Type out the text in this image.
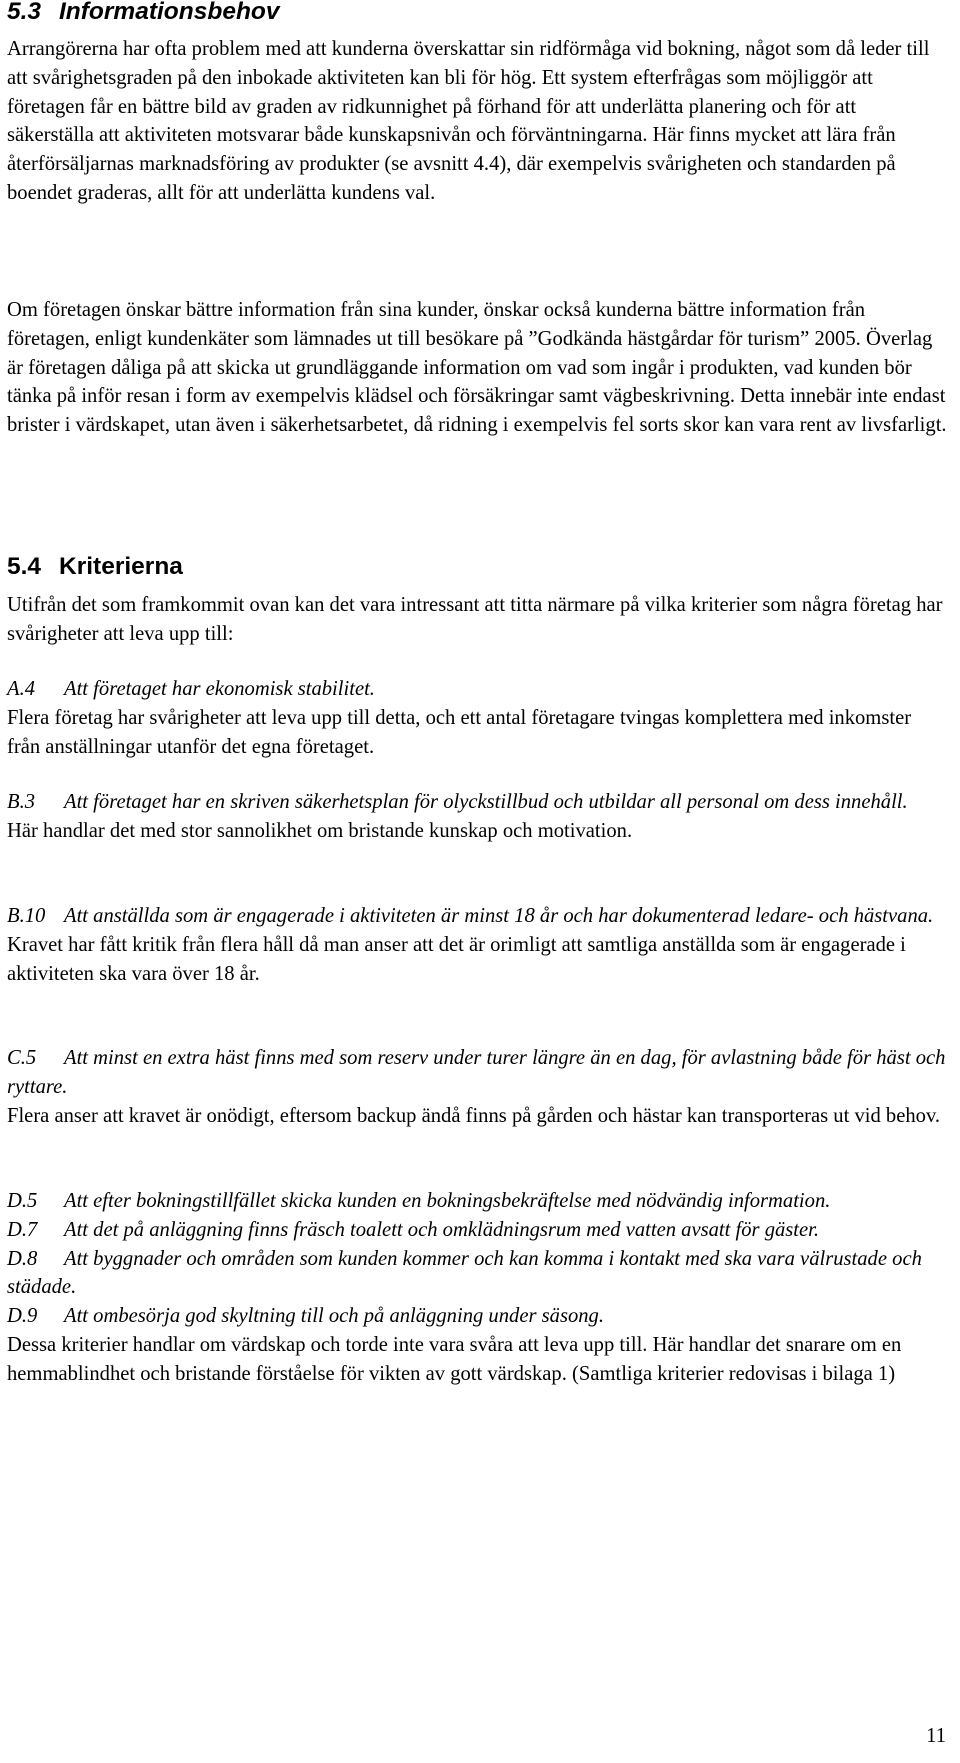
5.3 Informationsbehov

Arrangörerna har ofta problem med att kunderna överskattar sin ridförmåga vid bokning, något som då leder till att svårighetsgraden på den inbokade aktiviteten kan bli för hög. Ett system efterfrågas som möjliggör att företagen får en bättre bild av graden av ridkunnighet på förhand för att underlätta planering och för att säkerställa att aktiviteten motsvarar både kunskapsnivån och förväntningarna. Här finns mycket att lära från återförsäljarnas marknadsföring av produkter (se avsnitt 4.4), där exempelvis svårigheten och standarden på boendet graderas, allt för att underlätta kundens val.

Om företagen önskar bättre information från sina kunder, önskar också kunderna bättre information från företagen, enligt kundenkäter som lämnades ut till besökare på ”Godkända hästgårdar för turism” 2005. Överlag är företagen dåliga på att skicka ut grundläggande information om vad som ingår i produkten, vad kunden bör tänka på inför resan i form av exempelvis klädsel och försäkringar samt vägbeskrivning. Detta innebär inte endast brister i värdskapet, utan även i säkerhetsarbetet, då ridning i exempelvis fel sorts skor kan vara rent av livsfarligt.

5.4 Kriterierna

Utifrån det som framkommit ovan kan det vara intressant att titta närmare på vilka kriterier som några företag har svårigheter att leva upp till:

A.4 Att företaget har ekonomisk stabilitet.

Flera företag har svårigheter att leva upp till detta, och ett antal företagare tvingas komplettera med inkomster från anställningar utanför det egna företaget.

B.3 Att företaget har en skriven säkerhetsplan för olyckstillbud och utbildar all personal om dess innehåll.

Här handlar det med stor sannolikhet om bristande kunskap och motivation.

B.10 Att anställda som är engagerade i aktiviteten är minst 18 år och har dokumenterad ledare- och hästvana.

Kravet har fått kritik från flera håll då man anser att det är orimligt att samtliga anställda som är engagerade i aktiviteten ska vara över 18 år.

C.5 Att minst en extra häst finns med som reserv under turer längre än en dag, för avlastning både för häst och ryttare.

Flera anser att kravet är onödigt, eftersom backup ändå finns på gården och hästar kan transporteras ut vid behov.

D.5 Att efter bokningstillfället skicka kunden en bokningsbekräftelse med nödvändig information.

D.7 Att det på anläggning finns fräsch toalett och omklädningsrum med vatten avsatt för gäster.

D.8 Att byggnader och områden som kunden kommer och kan komma i kontakt med ska vara välrustade och städade.

D.9 Att ombesörja god skyltning till och på anläggning under säsong.

Dessa kriterier handlar om värdskap och torde inte vara svåra att leva upp till. Här handlar det snarare om en hemmablindhet och bristande förståelse för vikten av gott värdskap. (Samtliga kriterier redovisas i bilaga 1)

11
